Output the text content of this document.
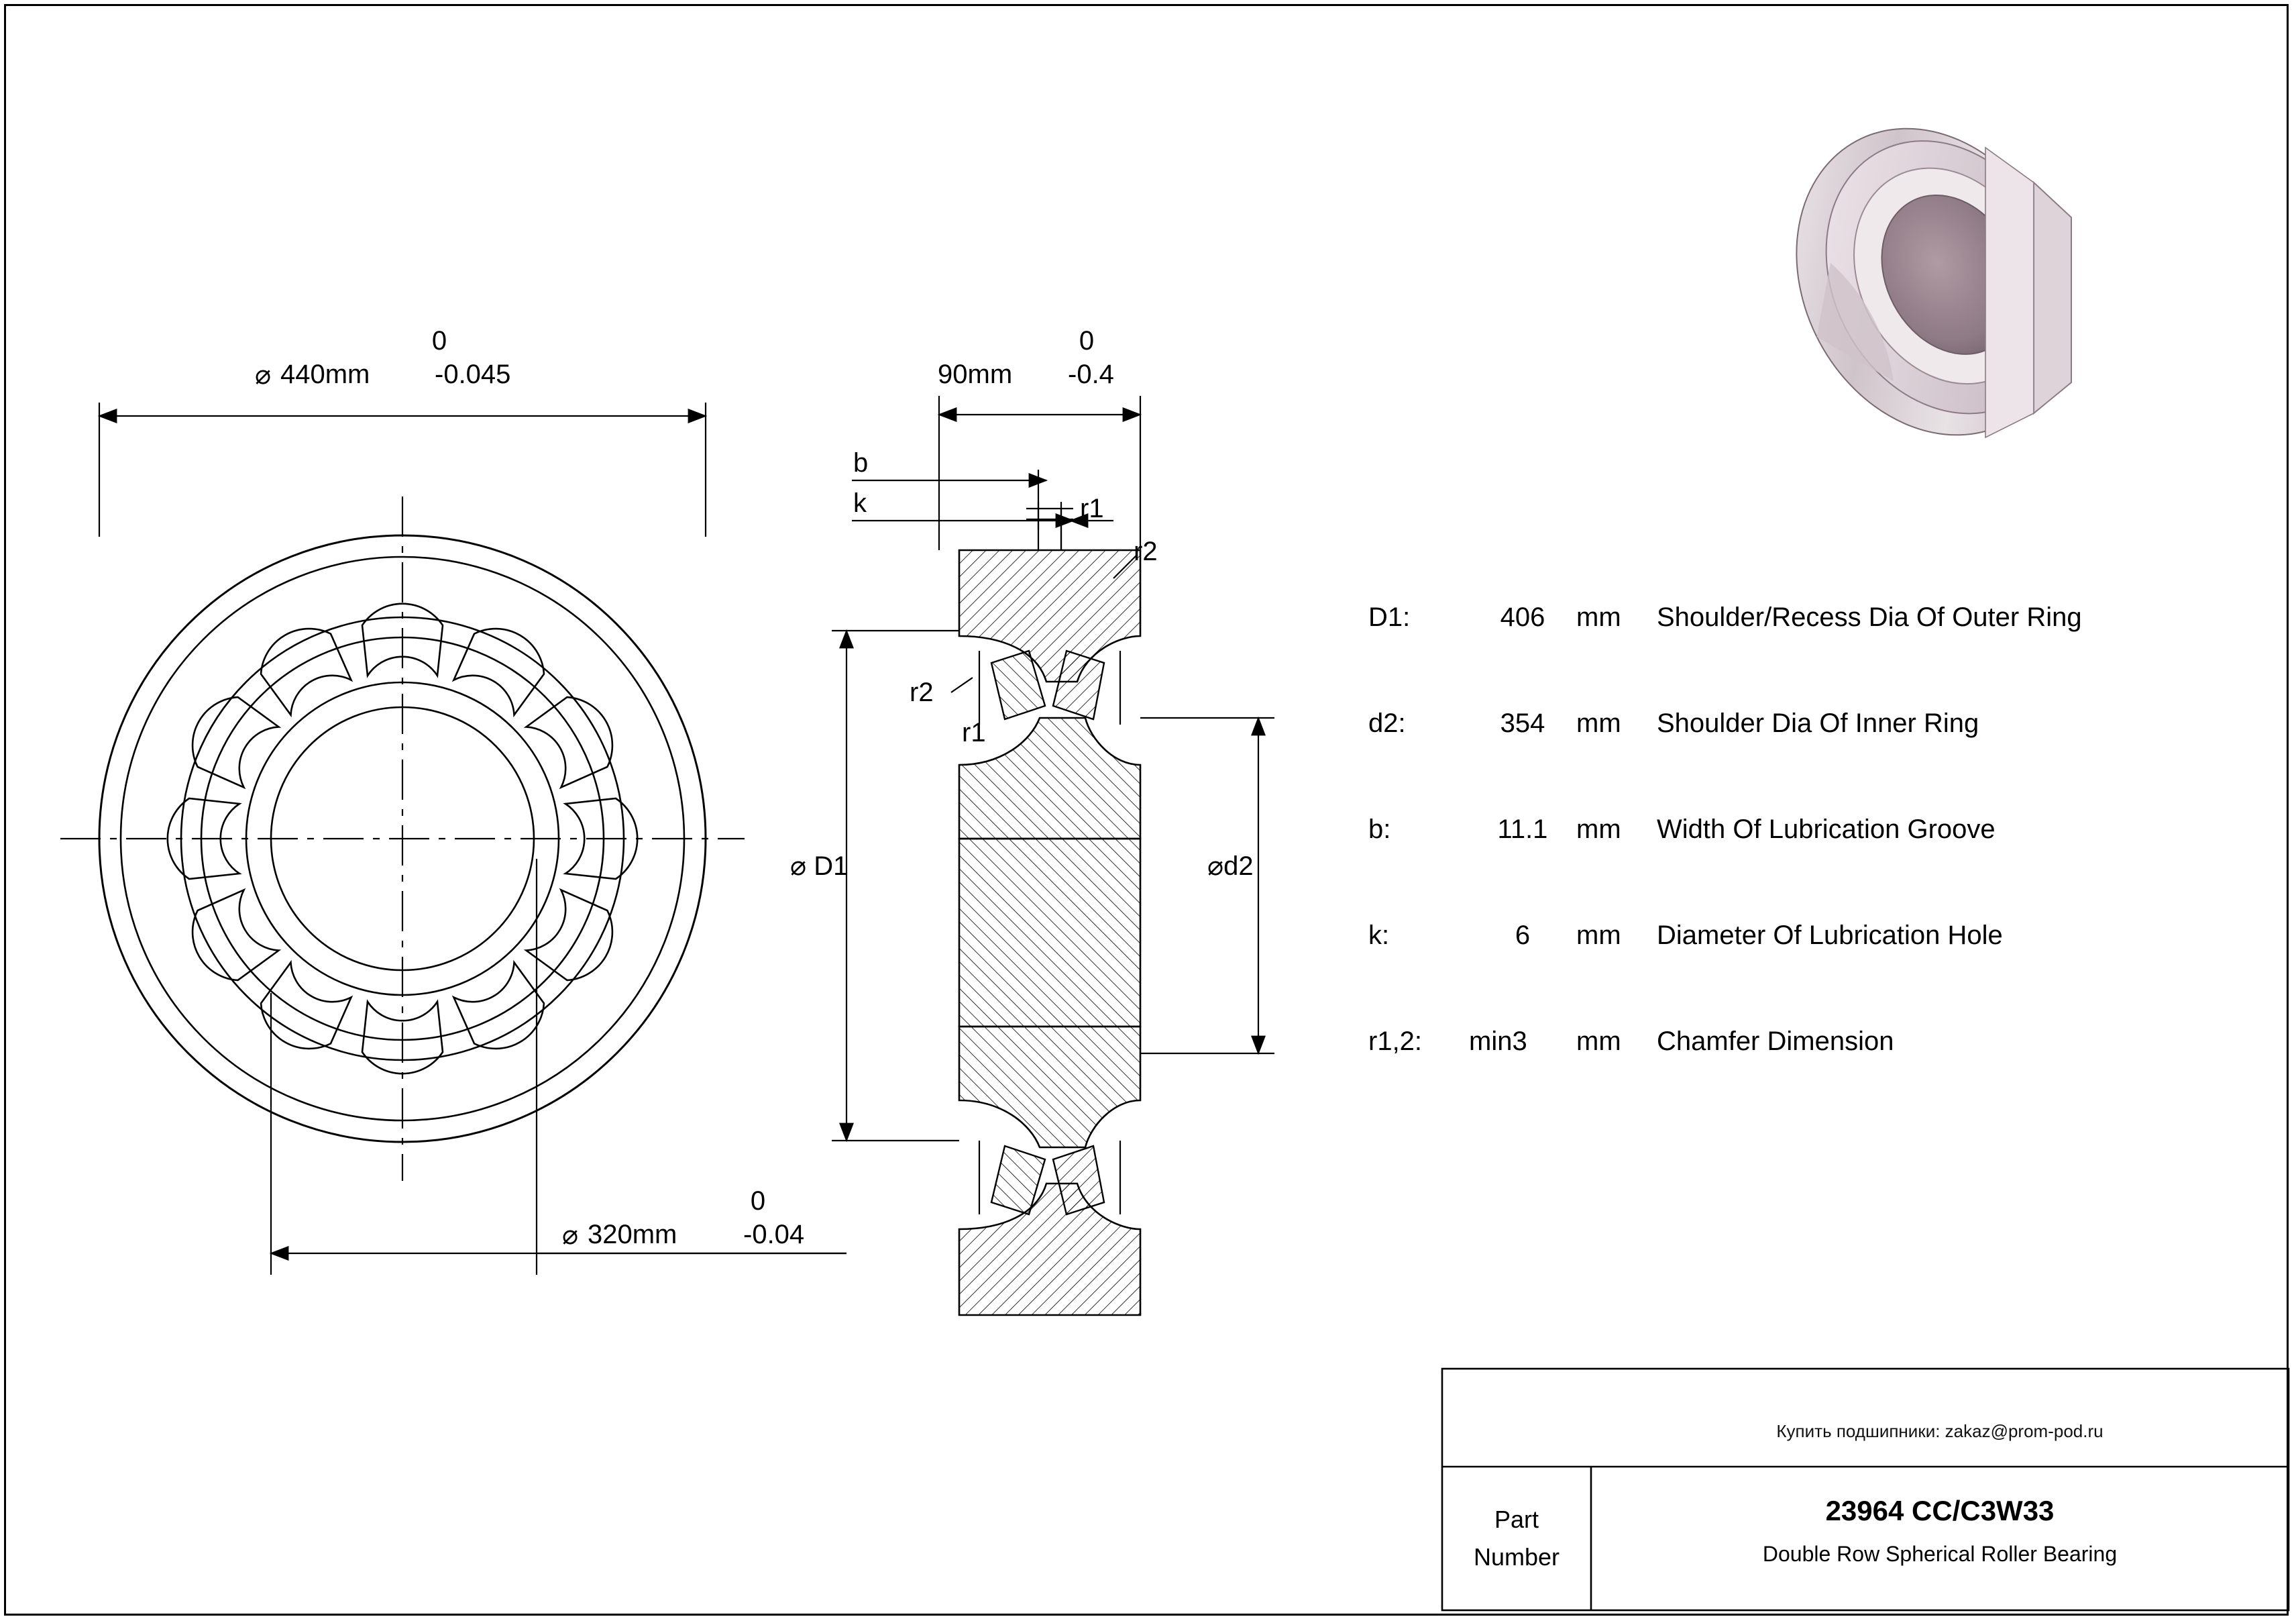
0
⌀ 440mm -0.045
0
⌀ 320mm -0.04
0
90mm -0.4
b
k	r1
r2
r2
r1
⌀ D1	⌀d2
D1:	406	mm	Shoulder/Recess Dia Of Outer Ring
d2:	354	mm	Shoulder Dia Of Inner Ring
b:	11.1	mm	Width Of Lubrication Groove
k:	6	mm	Diameter Of Lubrication Hole
r1,2:	min3	mm	Chamfer Dimension
Купить подшипники: zakaz@prom-pod.ru
Part
Number
23964 CC/C3W33
Double Row Spherical Roller Bearing
